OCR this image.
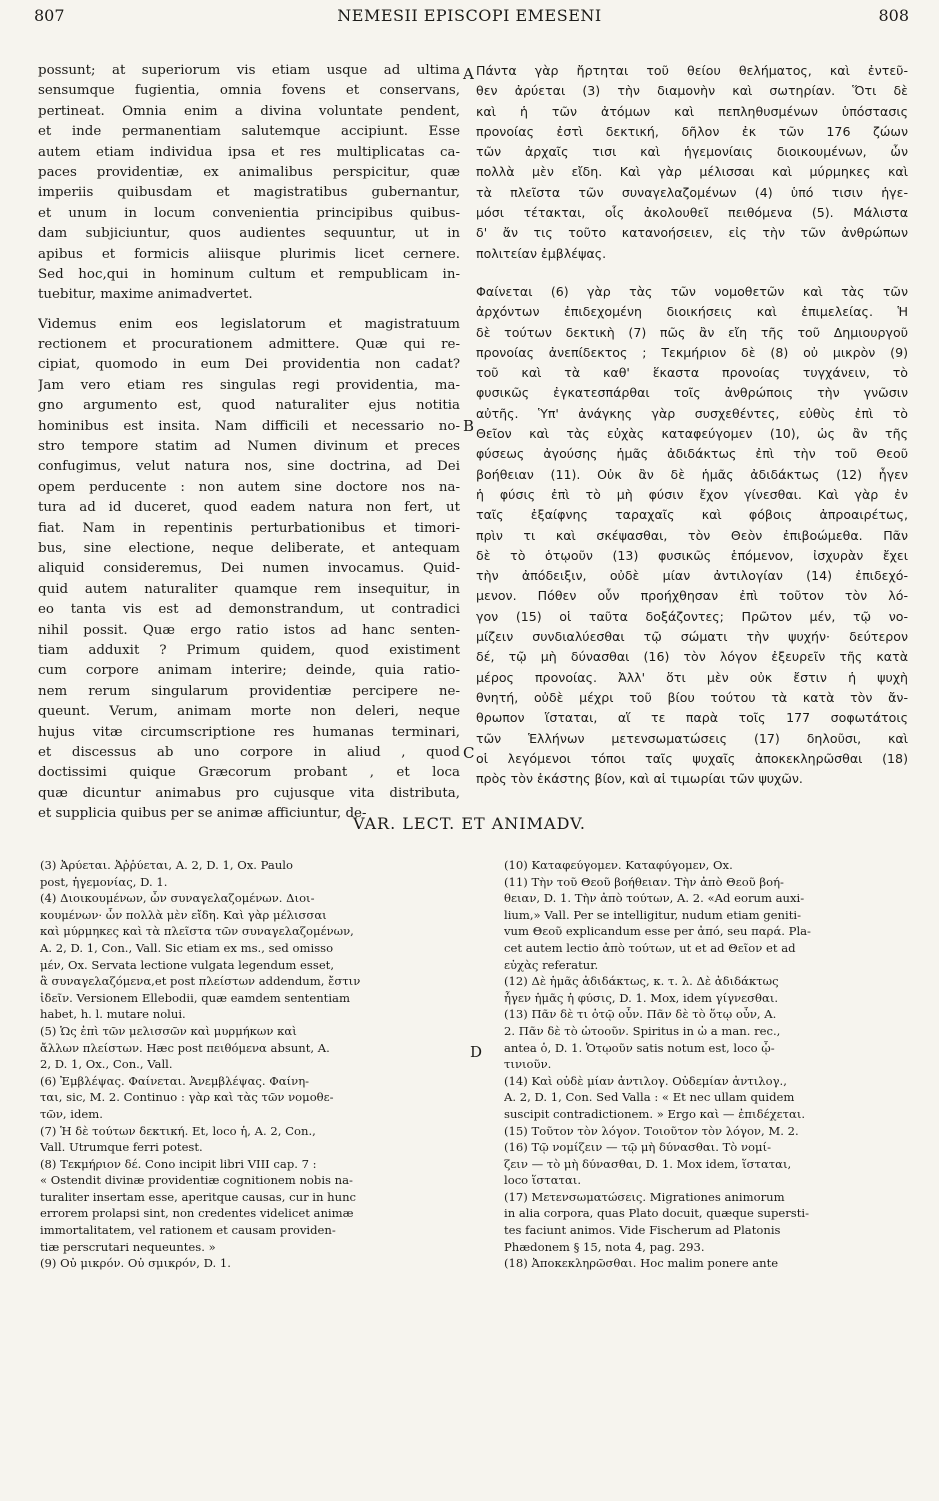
807	NEMESII EPISCOPI EMESENI	808
possunt; at superiorum vis etiam usque ad ultima
sensumque fugientia, omnia fovens et conservans,
pertineat. Omnia enim a divina voluntate pendent,
et inde permanentiam salutemque accipiunt. Esse
autem etiam individua ipsa et res multiplicatas ca-
paces providentiæ, ex animalibus perspicitur, quæ
imperiis quibusdam et magistratibus gubernantur,
et unum in locum convenientia principibus quibus-
dam subjiciuntur, quos audientes sequuntur, ut in
apibus et formicis aliisque plurimis licet cernere.
Sed hoc,qui in hominum cultum et rempublicam in-
tuebitur, maxime animadvertet.
Videmus enim eos legislatorum et magistratuum
rectionem et procurationem admittere. Quæ qui re-
cipiat, quomodo in eum Dei providentia non cadat?
Jam vero etiam res singulas regi providentia, ma-
gno argumento est, quod naturaliter ejus notitia
hominibus est insita. Nam difficili et necessario no-
stro tempore statim ad Numen divinum et preces
confugimus, velut natura nos, sine doctrina, ad Dei
opem perducente : non autem sine doctore nos na-
tura ad id duceret, quod eadem natura non fert, ut
fiat. Nam in repentinis perturbationibus et timori-
bus, sine electione, neque deliberate, et antequam
aliquid consideremus, Dei numen invocamus. Quid-
quid autem naturaliter quamque rem insequitur, in
eo tanta vis est ad demonstrandum, ut contradici
nihil possit. Quæ ergo ratio istos ad hanc senten-
tiam adduxit ? Primum quidem, quod existiment
cum corpore animam interire; deinde, quia ratio-
nem rerum singularum providentiæ percipere ne-
queunt. Verum, animam morte non deleri, neque
hujus vitæ circumscriptione res humanas terminari,
et discessus ab uno corpore in aliud , quod
doctissimi quique Græcorum probant , et loca
quæ dicuntur animabus pro cujusque vita distributa,
et supplicia quibus per se animæ afficiuntur, de-
Πάντα γὰρ ἤρτηται τοῦ θείου θελήματος, καὶ ἐντεῦ-
θεν ἀρύεται (3) τὴν διαμονὴν καὶ σωτηρίαν. Ὅτι δὲ
καὶ ἡ τῶν ἀτόμων καὶ πεπληθυσμένων ὑπόστασις
προνοίας ἐστὶ δεκτική, δῆλον ἐκ τῶν 176 ζώων
τῶν ἀρχαῖς τισι καὶ ἡγεμονίαις διοικουμένων, ὧν
πολλὰ μὲν εἴδη. Καὶ γὰρ μέλισσαι καὶ μύρμηκες καὶ
τὰ πλεῖστα τῶν συναγελαζομένων (4) ὑπό τισιν ἡγε-
μόσι τέτακται, οἷς ἀκολουθεῖ πειθόμενα (5). Μάλιστα
δ' ἄν τις τοῦτο κατανοήσειεν, εἰς τὴν τῶν ἀνθρώπων
πολιτείαν ἐμβλέψας.
Φαίνεται (6) γὰρ τὰς τῶν νομοθετῶν καὶ τὰς τῶν
ἀρχόντων ἐπιδεχομένη διοικήσεις καὶ ἐπιμελείας. Ἡ
δὲ τούτων δεκτικὴ (7) πῶς ἂν εἴη τῆς τοῦ Δημιουργοῦ
προνοίας ἀνεπίδεκτος ; Τεκμήριον δὲ (8) οὐ μικρὸν (9)
τοῦ καὶ τὰ καθ' ἕκαστα προνοίας τυγχάνειν, τὸ
φυσικῶς ἐγκατεσπάρθαι τοῖς ἀνθρώποις τὴν γνῶσιν
αὐτῆς. Ὑπ' ἀνάγκης γὰρ συσχεθέντες, εὐθὺς ἐπὶ τὸ
Θεῖον καὶ τὰς εὐχὰς καταφεύγομεν (10), ὡς ἂν τῆς
φύσεως ἀγούσης ἡμᾶς ἀδιδάκτως ἐπὶ τὴν τοῦ Θεοῦ
βοήθειαν (11). Οὐκ ἂν δὲ ἡμᾶς ἀδιδάκτως (12) ἦγεν
ἡ φύσις ἐπὶ τὸ μὴ φύσιν ἔχον γίνεσθαι. Καὶ γὰρ ἐν
ταῖς ἐξαίφνης ταραχαῖς καὶ φόβοις ἀπροαιρέτως,
πρὶν τι καὶ σκέψασθαι, τὸν Θεὸν ἐπιβοώμεθα. Πᾶν
δὲ τὸ ὁτῳοῦν (13) φυσικῶς ἑπόμενον, ἰσχυρὰν ἔχει
τὴν ἀπόδειξιν, οὐδὲ μίαν ἀντιλογίαν (14) ἐπιδεχό-
μενον. Πόθεν οὖν προήχθησαν ἐπὶ τοῦτον τὸν λό-
γον (15) οἱ ταῦτα δοξάζοντες; Πρῶτον μέν, τῷ νο-
μίζειν συνδιαλύεσθαι τῷ σώματι τὴν ψυχήν· δεύτερον
δέ, τῷ μὴ δύνασθαι (16) τὸν λόγον ἐξευρεῖν τῆς κατὰ
μέρος προνοίας. Ἀλλ' ὅτι μὲν οὐκ ἔστιν ἡ ψυχὴ
θνητή, οὐδὲ μέχρι τοῦ βίου τούτου τὰ κατὰ τὸν ἄν-
θρωπον ἵσταται, αἵ τε παρὰ τοῖς 177 σοφωτάτοις
τῶν Ἑλλήνων μετενσωματώσεις (17) δηλοῦσι, καὶ
οἱ λεγόμενοι τόποι ταῖς ψυχαῖς ἀποκεκληρῶσθαι (18)
πρὸς τὸν ἑκάστης βίον, καὶ αἱ τιμωρίαι τῶν ψυχῶν.
A
B
C
D
VAR. LECT. ET ANIMADV.
(3) Ἀρύεται. Ἀῤῥύεται, A. 2, D. 1, Ox. Paulo
post, ἡγεμονίας, D. 1.
(4) Διοικουμένων, ὧν συναγελαζομένων. Διοι-
κουμένων· ὧν πολλὰ μὲν εἴδη. Καὶ γὰρ μέλισσαι
καὶ μύρμηκες καὶ τὰ πλεῖστα τῶν συναγελαζομένων,
A. 2, D. 1, Con., Vall. Sic etiam ex ms., sed omisso
μέν, Ox. Servata lectione vulgata legendum esset,
ἃ συναγελαζόμενα,et post πλείστων addendum, ἔστιν
ἰδεῖν. Versionem Ellebodii, quæ eamdem sententiam
habet, h. l. mutare nolui.
(5) Ὡς ἐπὶ τῶν μελισσῶν καὶ μυρμήκων καὶ
ἄλλων πλείστων. Hæc post πειθόμενα absunt, A.
2, D. 1, Ox., Con., Vall.
(6) Ἐμβλέψας. Φαίνεται. Ἀνεμβλέψας. Φαίνη-
ται, sic, M. 2. Continuo : γὰρ καὶ τὰς τῶν νομοθε-
τῶν, idem.
(7) Ἡ δὲ τούτων δεκτική. Et, loco ἡ, A. 2, Con.,
Vall. Utrumque ferri potest.
(8) Τεκμήριον δέ. Cono incipit libri VIII cap. 7 :
« Ostendit divinæ providentiæ cognitionem nobis na-
turaliter insertam esse, aperitque causas, cur in hunc
errorem prolapsi sint, non credentes videlicet animæ
immortalitatem, vel rationem et causam providen-
tiæ perscrutari nequeuntes. »
(9) Οὐ μικρόν. Οὐ σμικρόν, D. 1.
(10) Καταφεύγομεν. Καταφύγομεν, Ox.
(11) Τὴν τοῦ Θεοῦ βοήθειαν. Τὴν ἀπὸ Θεοῦ βοή-
θειαν, D. 1. Τὴν ἀπὸ τούτων, A. 2. «Ad eorum auxi-
lium,» Vall. Per se intelligitur, nudum etiam geniti-
vum Θεοῦ explicandum esse per ἀπό, seu παρά. Pla-
cet autem lectio ἀπὸ τούτων, ut et ad Θεῖον et ad
εὐχὰς referatur.
(12) Δὲ ἡμᾶς ἀδιδάκτως, κ. τ. λ. Δὲ ἀδιδάκτως
ἦγεν ἡμᾶς ἡ φύσις, D. 1. Mox, idem γίγνεσθαι.
(13) Πᾶν δὲ τι ὁτῷ οὖν. Πᾶν δὲ τὸ ὅτῳ οὖν, A.
2. Πᾶν δὲ τὸ ὡτοοῦν. Spiritus in ὠ a man. rec.,
antea ὁ, D. 1. Ὁτῳοῦν satis notum est, loco ᾧ-
τινιοῦν.
(14) Καὶ οὐδὲ μίαν ἀντιλογ. Οὐδεμίαν ἀντιλογ.,
A. 2, D. 1, Con. Sed Valla : « Et nec ullam quidem
suscipit contradictionem. » Ergo καὶ — ἐπιδέχεται.
(15) Τοῦτον τὸν λόγον. Τοιοῦτον τὸν λόγον, M. 2.
(16) Τῷ νομίζειν — τῷ μὴ δύνασθαι. Τὸ νομί-
ζειν — τὸ μὴ δύνασθαι, D. 1. Mox idem, ἵσταται,
loco ἵσταται.
(17) Μετενσωματώσεις. Migrationes animorum
in alia corpora, quas Plato docuit, quæque supersti-
tes faciunt animos. Vide Fischerum ad Platonis
Phædonem § 15, nota 4, pag. 293.
(18) Ἀποκεκληρῶσθαι. Hoc malim ponere ante
